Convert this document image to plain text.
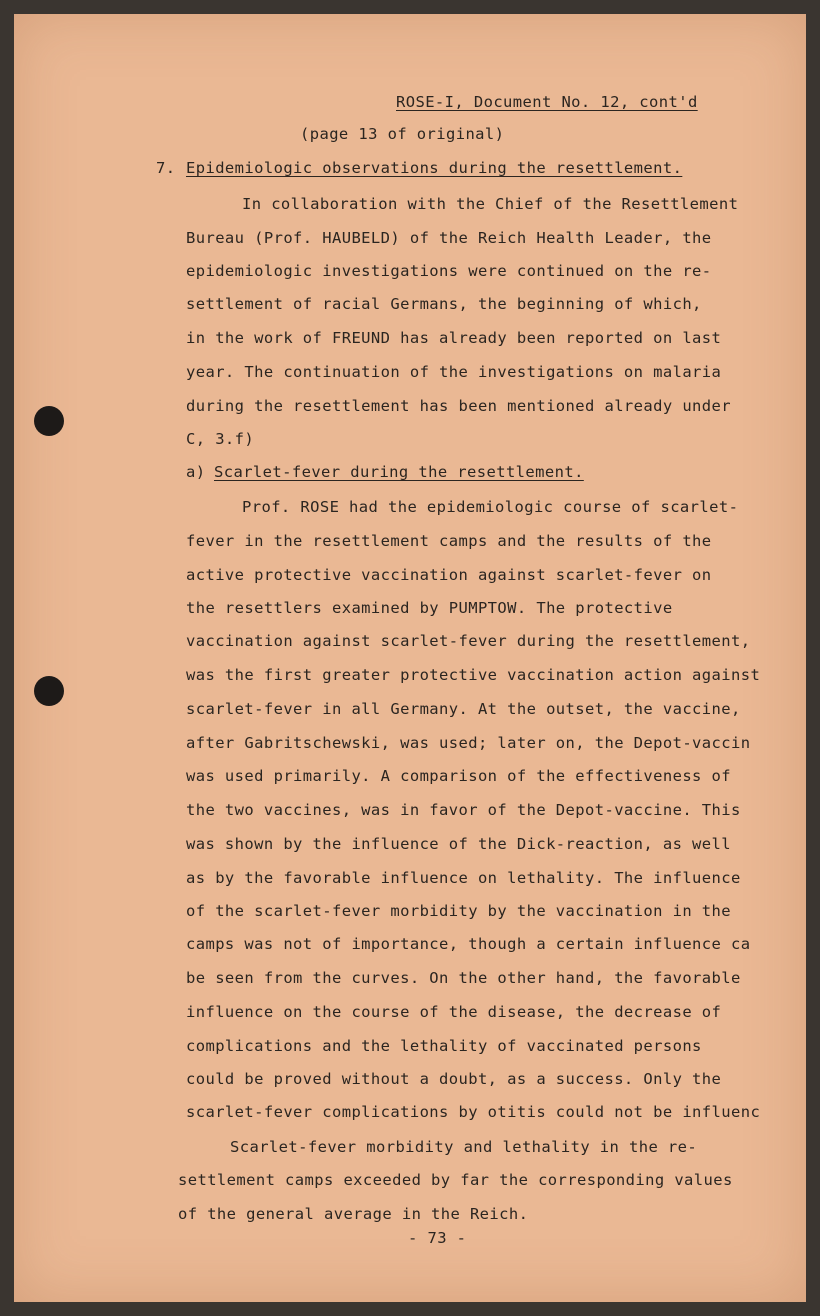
ROSE-I, Document No. 12, cont'd
(page 13 of original)
7. Epidemiologic observations during the resettlement.
In collaboration with the Chief of the Resettlement
Bureau (Prof. HAUBELD) of the Reich Health Leader, the
epidemiologic investigations were continued on the re-
settlement of racial Germans, the beginning of which,
in the work of FREUND has already been reported on last
year. The continuation of the investigations on malaria
during the resettlement has been mentioned already under
C, 3.f)
a) Scarlet-fever during the resettlement.
Prof. ROSE had the epidemiologic course of scarlet-
fever in the resettlement camps and the results of the
active protective vaccination against scarlet-fever on
the resettlers examined by PUMPTOW. The protective
vaccination against scarlet-fever during the resettlement,
was the first greater protective vaccination action against
scarlet-fever in all Germany. At the outset, the vaccine,
after Gabritschewski, was used; later on, the Depot-vaccin
was used primarily. A comparison of the effectiveness of
the two vaccines, was in favor of the Depot-vaccine. This
was shown by the influence of the Dick-reaction, as well
as by the favorable influence on lethality. The influence
of the scarlet-fever morbidity by the vaccination in the
camps was not of importance, though a certain influence ca
be seen from the curves. On the other hand, the favorable
influence on the course of the disease, the decrease of
complications and the lethality of vaccinated persons
could be proved without a doubt, as a success. Only the
scarlet-fever complications by otitis could not be influenc
Scarlet-fever morbidity and lethality in the re-
settlement camps exceeded by far the corresponding values
of the general average in the Reich.
- 73 -
